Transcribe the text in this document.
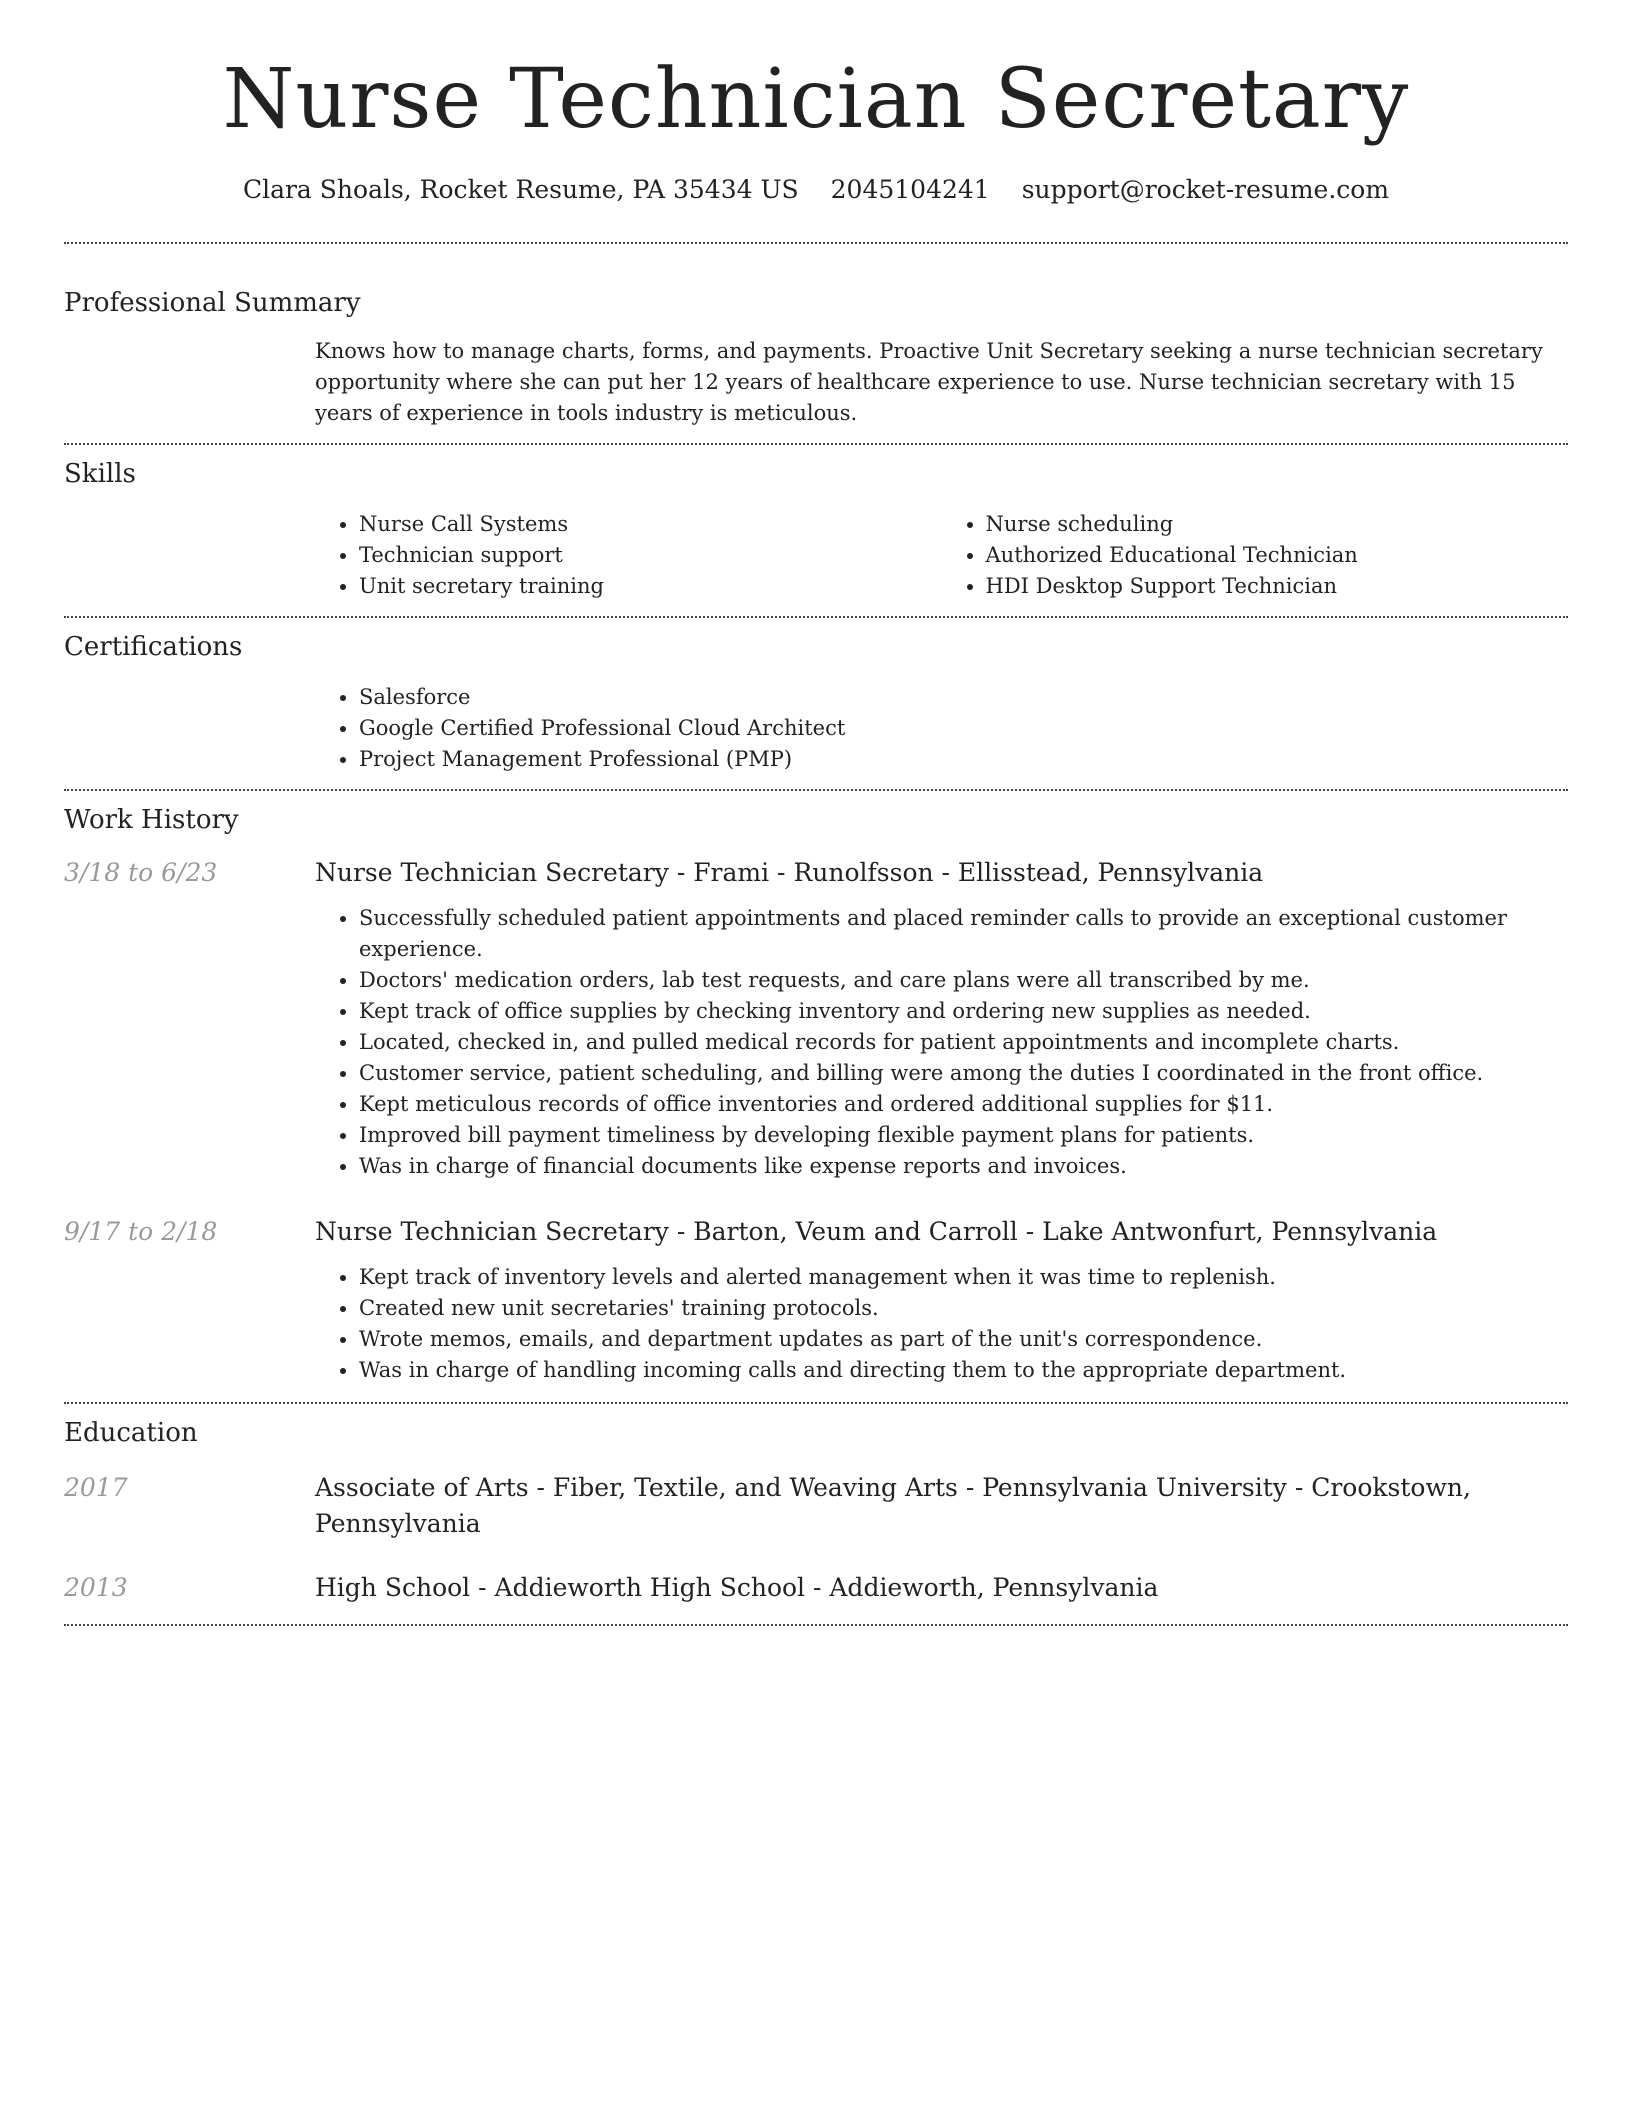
Nurse Technician Secretary
Clara Shoals, Rocket Resume, PA 35434 US 2045104241 support@rocket-resume.com
Professional Summary

Knows how to manage charts, forms, and payments. Proactive Unit Secretary seeking a nurse technician secretary opportunity where she can put her 12 years of healthcare experience to use. Nurse technician secretary with 15 years of experience in tools industry is meticulous.

Skills
• Nurse Call Systems
• Technician support
• Unit secretary training
• Nurse scheduling
• Authorized Educational Technician
• HDI Desktop Support Technician
Certifications
• Salesforce
• Google Certified Professional Cloud Architect
• Project Management Professional (PMP)
Work History
3/18 to 6/23	Nurse Technician Secretary - Frami - Runolfsson - Ellisstead, Pennsylvania
• Successfully scheduled patient appointments and placed reminder calls to provide an exceptional customer experience.
• Doctors' medication orders, lab test requests, and care plans were all transcribed by me.
• Kept track of office supplies by checking inventory and ordering new supplies as needed.
• Located, checked in, and pulled medical records for patient appointments and incomplete charts.
• Customer service, patient scheduling, and billing were among the duties I coordinated in the front office.
• Kept meticulous records of office inventories and ordered additional supplies for $11.
• Improved bill payment timeliness by developing flexible payment plans for patients.
• Was in charge of financial documents like expense reports and invoices.
9/17 to 2/18	Nurse Technician Secretary - Barton, Veum and Carroll - Lake Antwonfurt, Pennsylvania
• Kept track of inventory levels and alerted management when it was time to replenish.
• Created new unit secretaries' training protocols.
• Wrote memos, emails, and department updates as part of the unit's correspondence.
• Was in charge of handling incoming calls and directing them to the appropriate department.
Education
2017	Associate of Arts - Fiber, Textile, and Weaving Arts - Pennsylvania University - Crookstown, Pennsylvania
2013	High School - Addieworth High School - Addieworth, Pennsylvania
